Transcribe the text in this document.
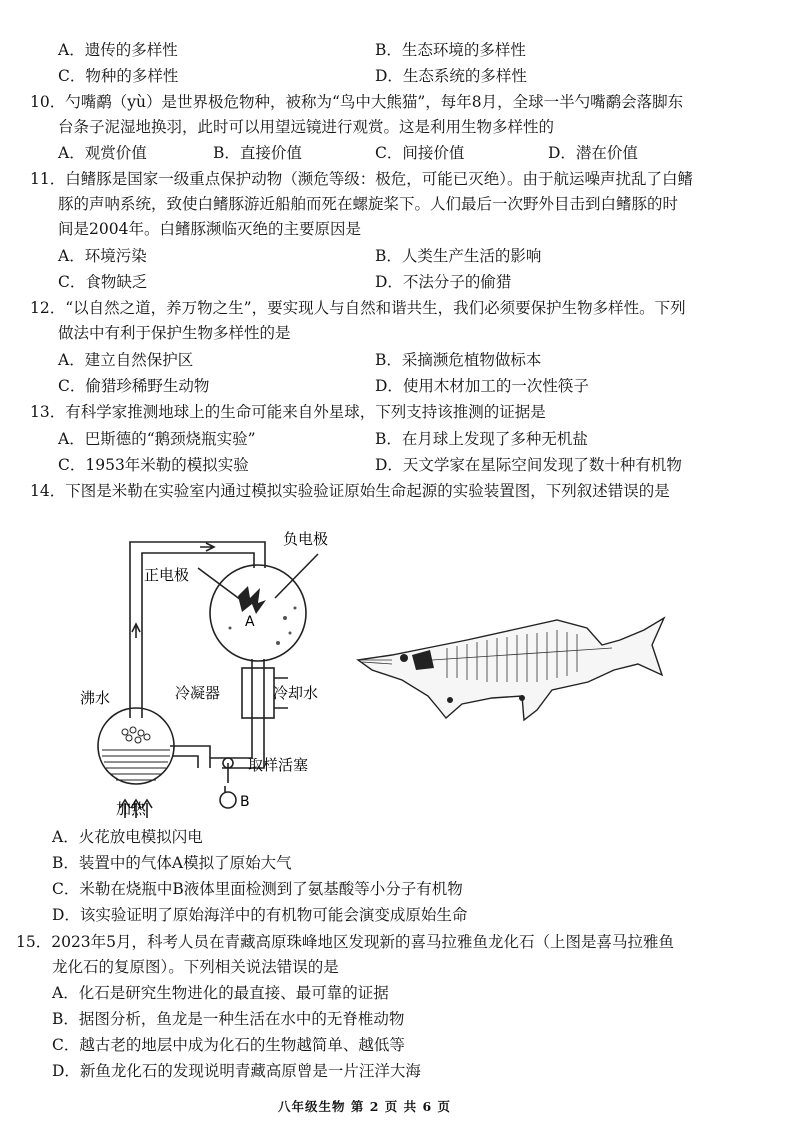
A．遗传的多样性	B．生态环境的多样性
C．物种的多样性	D．生态系统的多样性
10．勺嘴鹬（yù）是世界极危物种，被称为“鸟中大熊猫”，每年8月，全球一半勺嘴鹬会落脚东
台条子泥湿地换羽，此时可以用望远镜进行观赏。这是利用生物多样性的
A．观赏价值	B．直接价值	C．间接价值	D．潜在价值
11．白鳍豚是国家一级重点保护动物（濒危等级：极危，可能已灭绝）。由于航运噪声扰乱了白鳍
豚的声呐系统，致使白鳍豚游近船舶而死在螺旋桨下。人们最后一次野外目击到白鳍豚的时
间是2004年。白鳍豚濒临灭绝的主要原因是
A．环境污染	B．人类生产生活的影响
C．食物缺乏	D．不法分子的偷猎
12．“以自然之道，养万物之生”，要实现人与自然和谐共生，我们必须要保护生物多样性。下列
做法中有利于保护生物多样性的是
A．建立自然保护区	B．采摘濒危植物做标本
C．偷猎珍稀野生动物	D．使用木材加工的一次性筷子
13．有科学家推测地球上的生命可能来自外星球，下列支持该推测的证据是
A．巴斯德的“鹅颈烧瓶实验”	B．在月球上发现了多种无机盐
C．1953年米勒的模拟实验	D．天文学家在星际空间发现了数十种有机物
14．下图是米勒在实验室内通过模拟实验验证原始生命起源的实验装置图，下列叙述错误的是
负电极
正电极
A
冷凝器	冷却水
沸水
加热
取样活塞
B
A．火花放电模拟闪电
B．装置中的气体A模拟了原始大气
C．米勒在烧瓶中B液体里面检测到了氨基酸等小分子有机物
D．该实验证明了原始海洋中的有机物可能会演变成原始生命
15．2023年5月，科考人员在青藏高原珠峰地区发现新的喜马拉雅鱼龙化石（上图是喜马拉雅鱼
龙化石的复原图）。下列相关说法错误的是
A．化石是研究生物进化的最直接、最可靠的证据
B．据图分析，鱼龙是一种生活在水中的无脊椎动物
C．越古老的地层中成为化石的生物越简单、越低等
D．新鱼龙化石的发现说明青藏高原曾是一片汪洋大海
八年级生物 第 2 页 共 6 页
